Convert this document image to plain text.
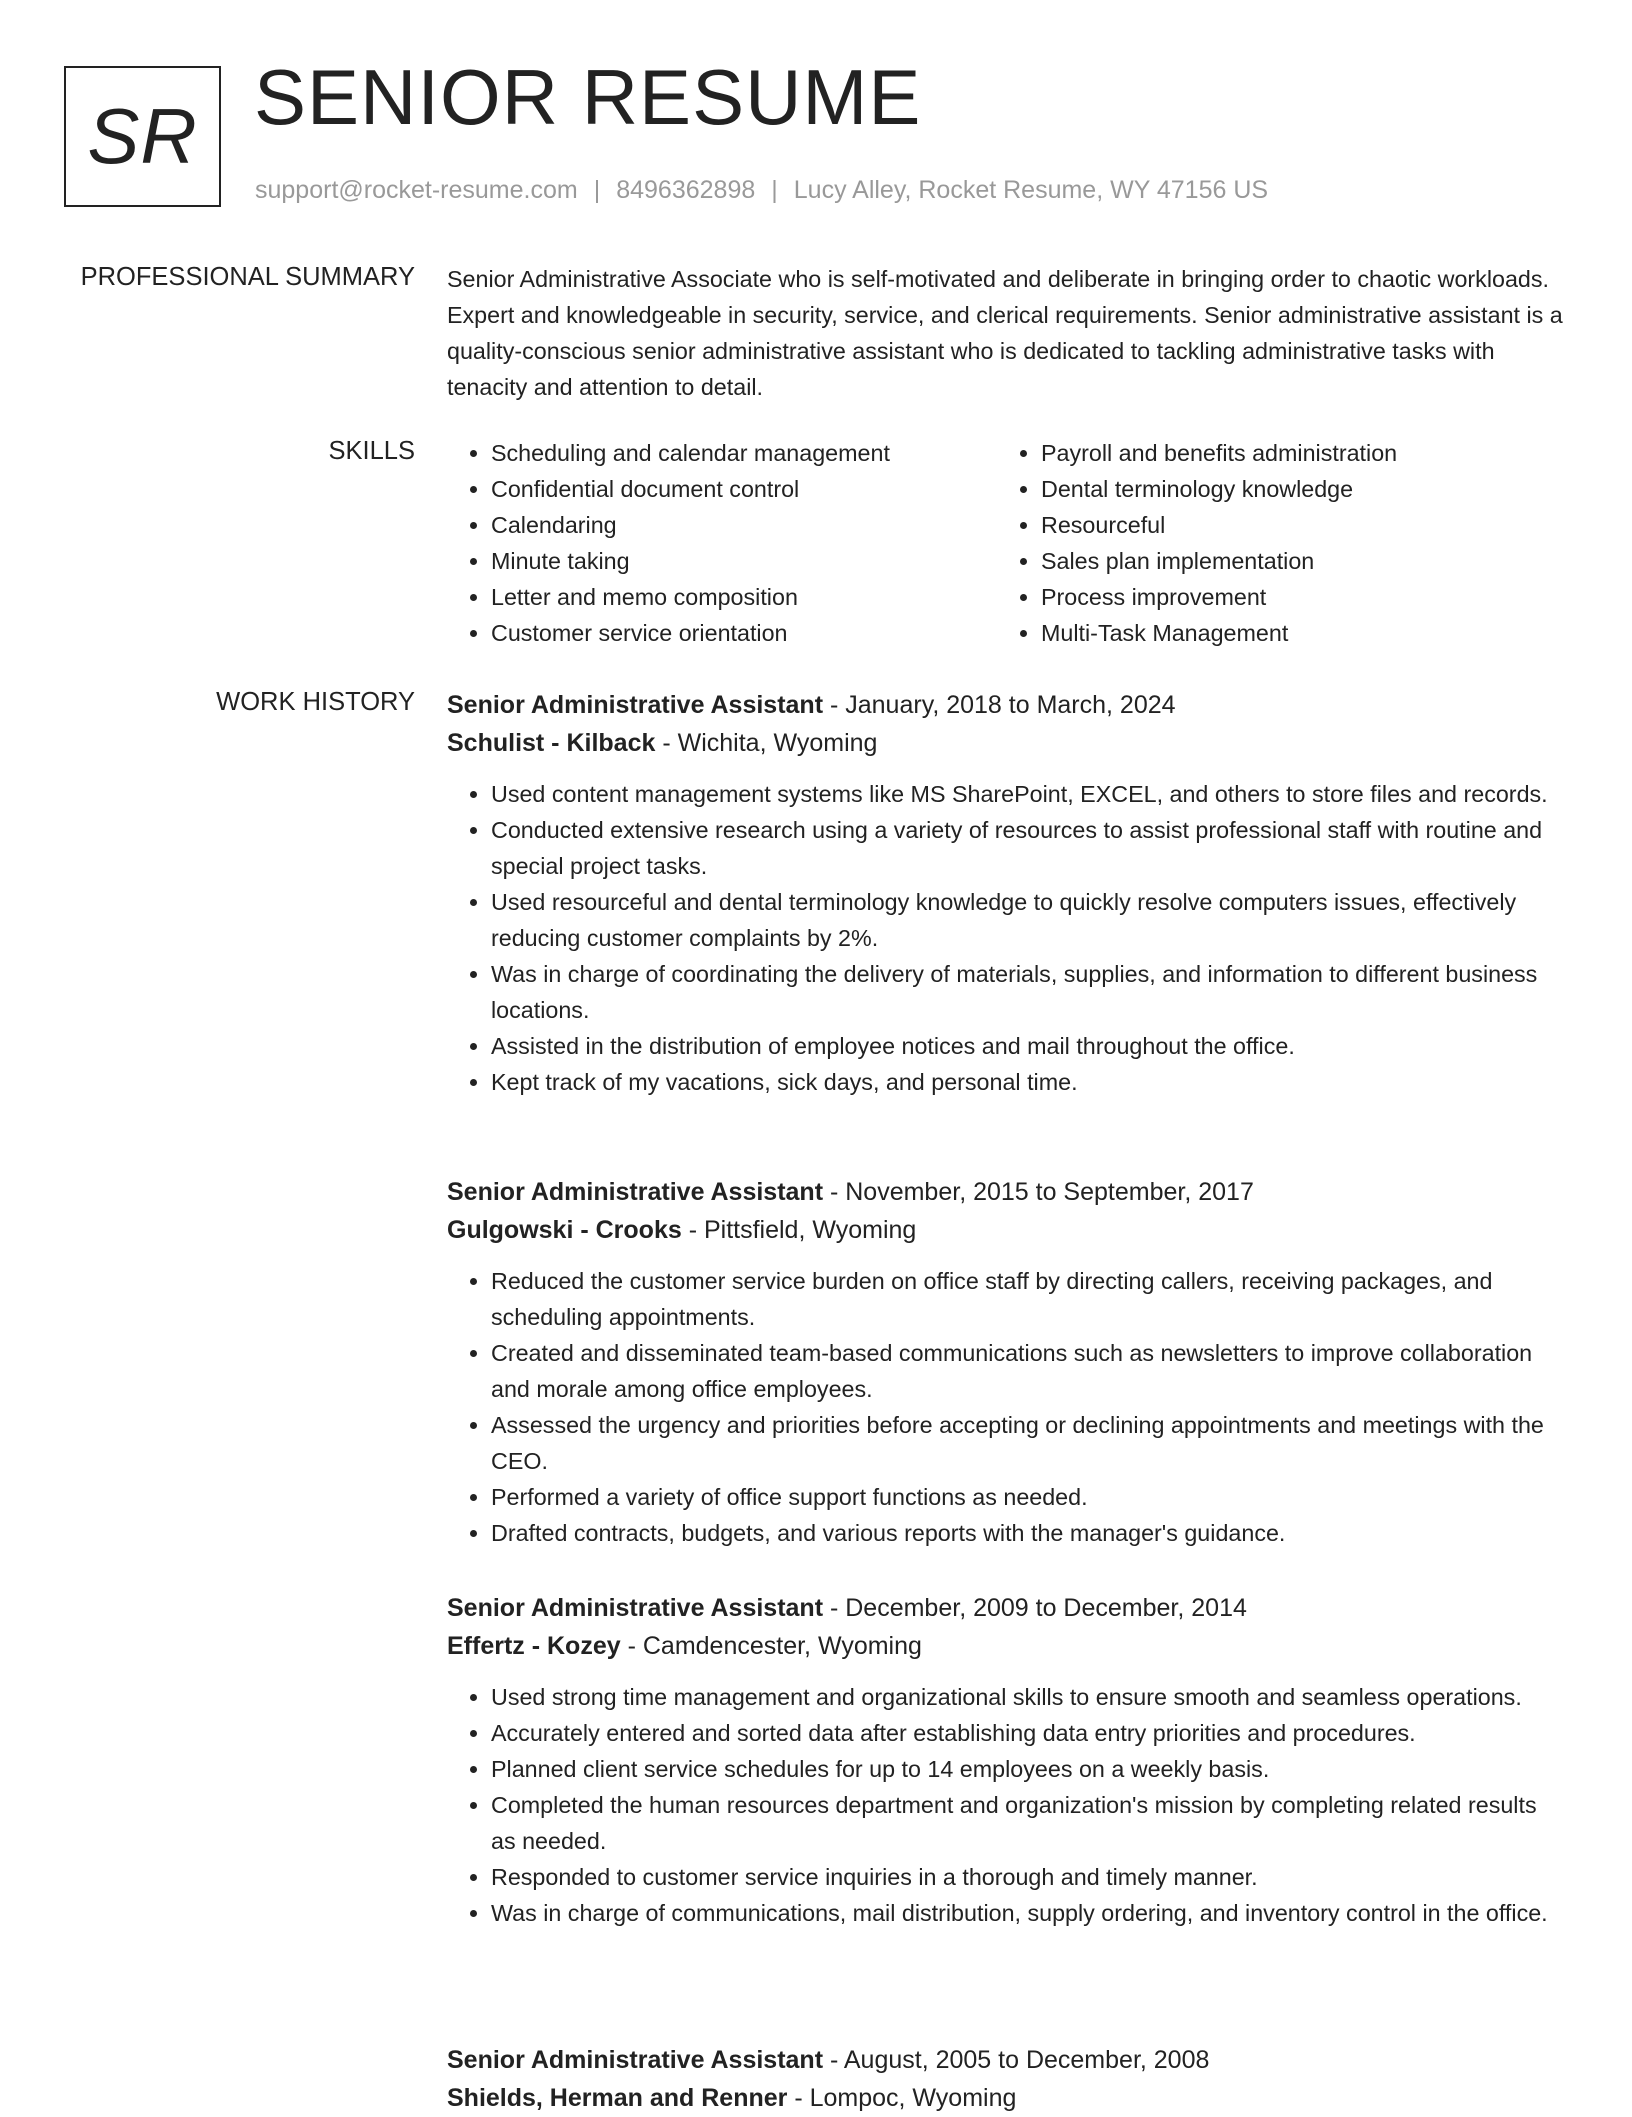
SR SENIOR RESUME
support@rocket-resume.com | 8496362898 | Lucy Alley, Rocket Resume, WY 47156 US
PROFESSIONAL SUMMARY Senior Administrative Associate who is self-motivated and deliberate in bringing order to chaotic workloads. Expert and knowledgeable in security, service, and clerical requirements. Senior administrative assistant is a quality-conscious senior administrative assistant who is dedicated to tackling administrative tasks with tenacity and attention to detail.

SKILLS
•	Scheduling and calendar management
• Confidential document control
• Calendaring
• Minute taking
• Letter and memo composition
• Customer service orientation
• Payroll and benefits administration
• Dental terminology knowledge
• Resourceful
• Sales plan implementation
• Process improvement
• Multi-Task Management
WORK HISTORY Senior Administrative Assistant - January, 2018 to March, 2024
Schulist - Kilback - Wichita, Wyoming
• Used content management systems like MS SharePoint, EXCEL, and others to store files and records.
• Conducted extensive research using a variety of resources to assist professional staff with routine and special project tasks.
• Used resourceful and dental terminology knowledge to quickly resolve computers issues, effectively reducing customer complaints by 2%.
• Was in charge of coordinating the delivery of materials, supplies, and information to different business locations.
• Assisted in the distribution of employee notices and mail throughout the office.
• Kept track of my vacations, sick days, and personal time.
Senior Administrative Assistant - November, 2015 to September, 2017
Gulgowski - Crooks - Pittsfield, Wyoming
• Reduced the customer service burden on office staff by directing callers, receiving packages, and scheduling appointments.
• Created and disseminated team-based communications such as newsletters to improve collaboration and morale among office employees.
• Assessed the urgency and priorities before accepting or declining appointments and meetings with the CEO.
• Performed a variety of office support functions as needed.
• Drafted contracts, budgets, and various reports with the manager's guidance.
Senior Administrative Assistant - December, 2009 to December, 2014
Effertz - Kozey - Camdencester, Wyoming
• Used strong time management and organizational skills to ensure smooth and seamless operations.
• Accurately entered and sorted data after establishing data entry priorities and procedures.
• Planned client service schedules for up to 14 employees on a weekly basis.
• Completed the human resources department and organization's mission by completing related results as needed.
• Responded to customer service inquiries in a thorough and timely manner.
• Was in charge of communications, mail distribution, supply ordering, and inventory control in the office.
Senior Administrative Assistant - August, 2005 to December, 2008
Shields, Herman and Renner - Lompoc, Wyoming
